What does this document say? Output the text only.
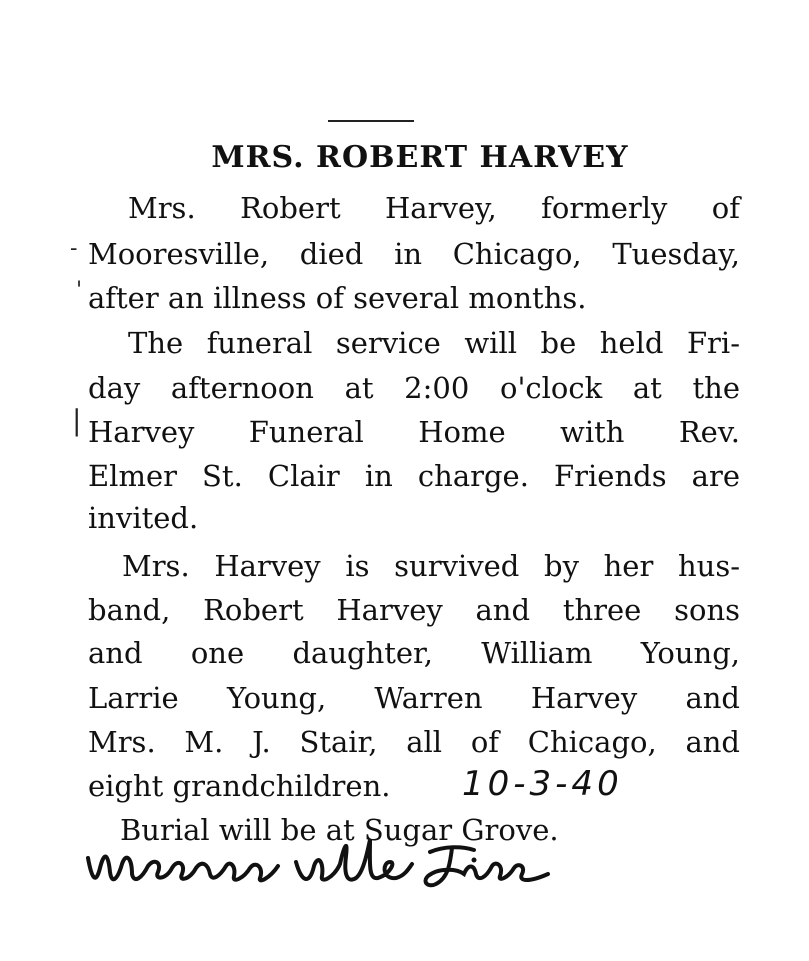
MRS. ROBERT HARVEY
Mrs. Robert Harvey, formerly of
Mooresville, died in Chicago, Tuesday,
after an illness of several months.
The funeral service will be held Fri-
day afternoon at 2:00 o'clock at the
Harvey Funeral Home with Rev.
Elmer St. Clair in charge. Friends are
invited.
Mrs. Harvey is survived by her hus-
band, Robert Harvey and three sons
and one daughter, William Young,
Larrie Young, Warren Harvey and
Mrs. M. J. Stair, all of Chicago, and
eight grandchildren.	10-3-40
Burial will be at Sugar Grove.
-
'
|
